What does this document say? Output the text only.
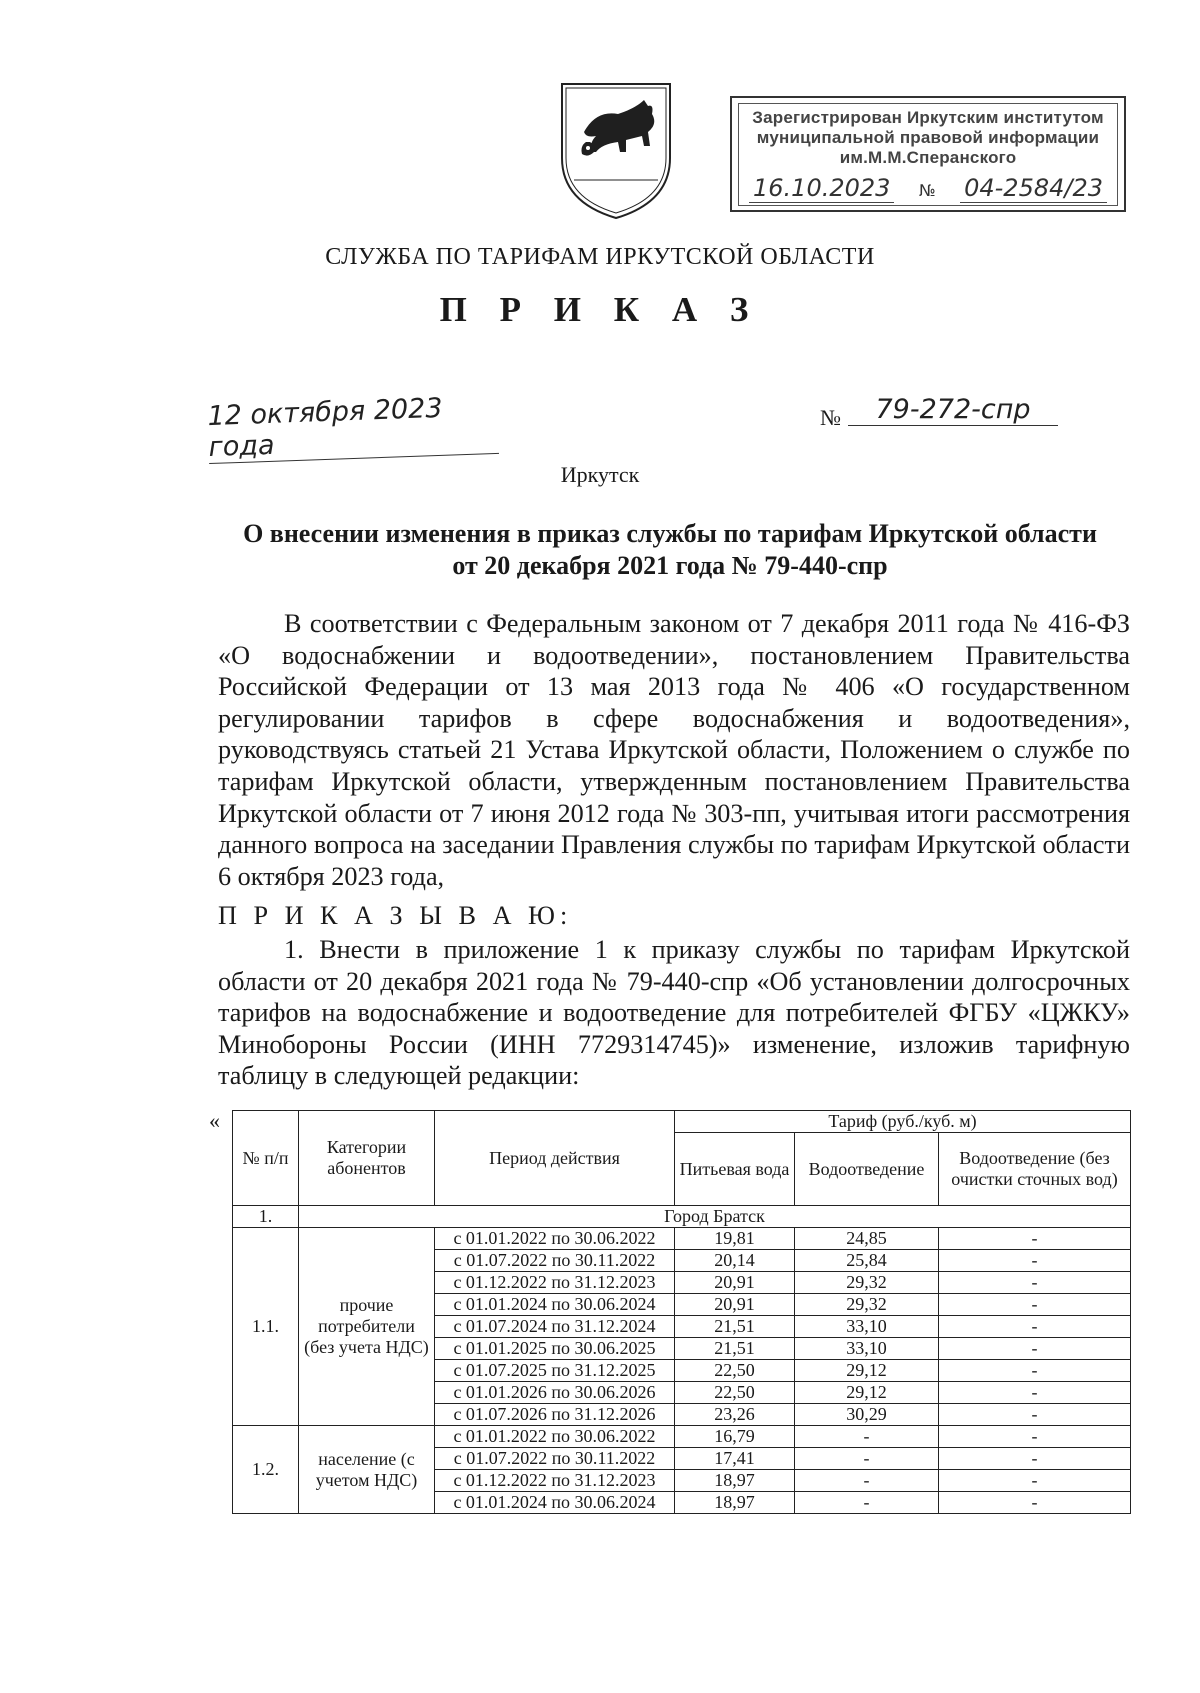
Зарегистрирован Иркутским институтом
муниципальной правовой информации
им.М.М.Сперанского
16.10.2023 № 04-2584/23
СЛУЖБА ПО ТАРИФАМ ИРКУТСКОЙ ОБЛАСТИ
П Р И К А З
12 октября 2023 года
№	79-272-спр
Иркутск
О внесении изменения в приказ службы по тарифам Иркутской области
от 20 декабря 2021 года № 79-440-спр
В соответствии с Федеральным законом от 7 декабря 2011 года № 416-ФЗ «О водоснабжении и водоотведении», постановлением Правительства Российской Федерации от 13 мая 2013 года № 406 «О государственном регулировании тарифов в сфере водоснабжения и водоотведения», руководствуясь статьей 21 Устава Иркутской области, Положением о службе по тарифам Иркутской области, утвержденным постановлением Правительства Иркутской области от 7 июня 2012 года № 303-пп, учитывая итоги рассмотрения данного вопроса на заседании Правления службы по тарифам Иркутской области 6 октября 2023 года,
П Р И К А З Ы В А Ю:
1. Внести в приложение 1 к приказу службы по тарифам Иркутской области от 20 декабря 2021 года № 79-440-спр «Об установлении долгосрочных тарифов на водоснабжение и водоотведение для потребителей ФГБУ «ЦЖКУ» Минобороны России (ИНН 7729314745)» изменение, изложив тарифную таблицу в следующей редакции:
«
№ п/п	Категории абонентов	Период действия	Тариф (руб./куб. м)		
			Питьевая вода	Водоотведение	Водоотведение (без очистки сточных вод)
1.	Город Братск				
1.1.	прочие потребители (без учета НДС)	с 01.01.2022 по 30.06.2022	19,81	24,85	-
		с 01.07.2022 по 30.11.2022	20,14	25,84	-
		с 01.12.2022 по 31.12.2023	20,91	29,32	-
		с 01.01.2024 по 30.06.2024	20,91	29,32	-
		с 01.07.2024 по 31.12.2024	21,51	33,10	-
		с 01.01.2025 по 30.06.2025	21,51	33,10	-
		с 01.07.2025 по 31.12.2025	22,50	29,12	-
		с 01.01.2026 по 30.06.2026	22,50	29,12	-
		с 01.07.2026 по 31.12.2026	23,26	30,29	-
1.2.	население (с учетом НДС)	с 01.01.2022 по 30.06.2022	16,79	-	-
		с 01.07.2022 по 30.11.2022	17,41	-	-
		с 01.12.2022 по 31.12.2023	18,97	-	-
		с 01.01.2024 по 30.06.2024	18,97	-	-
